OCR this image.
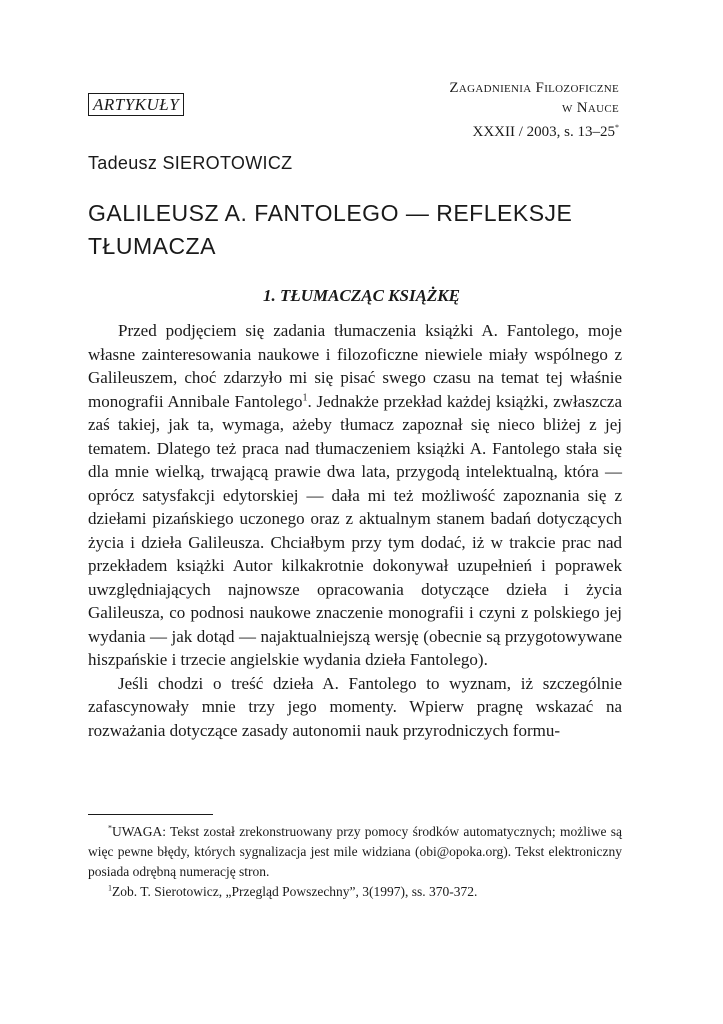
ARTYKUŁY
Zagadnienia Filozoficzne
w Nauce
XXXII / 2003, s. 13–25*
Tadeusz SIEROTOWICZ
GALILEUSZ A. FANTOLEGO — REFLEKSJE TŁUMACZA
1. TŁUMACZĄC KSIĄŻKĘ

Przed podjęciem się zadania tłumaczenia książki A. Fantolego, moje własne zainteresowania naukowe i filozoficzne niewiele miały wspólnego z Galileuszem, choć zdarzyło mi się pisać swego czasu na temat tej właśnie monografii Annibale Fantolego$^1$. Jednakże przekład każdej książki, zwłaszcza zaś takiej, jak ta, wymaga, ażeby tłumacz zapoznał się nieco bliżej z jej tematem. Dlatego też praca nad tłumaczeniem książki A. Fantolego stała się dla mnie wielką, trwającą prawie dwa lata, przygodą intelektualną, która — oprócz satysfakcji edytorskiej — dała mi też możliwość zapoznania się z dziełami pizańskiego uczonego oraz z aktualnym stanem badań dotyczących życia i dzieła Galileusza. Chciałbym przy tym dodać, iż w trakcie prac nad przekładem książki Autor kilkakrotnie dokonywał uzupełnień i poprawek uwzględniających najnowsze opracowania dotyczące dzieła i życia Galileusza, co podnosi naukowe znaczenie monografii i czyni z polskiego jej wydania — jak dotąd — najaktualniejszą wersję (obecnie są przygotowywane hiszpańskie i trzecie angielskie wydania dzieła Fantolego).

Jeśli chodzi o treść dzieła A. Fantolego to wyznam, iż szczególnie zafascynowały mnie trzy jego momenty. Wpierw pragnę wskazać na rozważania dotyczące zasady autonomii nauk przyrodniczych formu-

*UWAGA: Tekst został zrekonstruowany przy pomocy środków automatycznych; możliwe są więc pewne błędy, których sygnalizacja jest mile widziana (obi@opoka.org). Tekst elektroniczny posiada odrębną numerację stron.

$^1$Zob. T. Sierotowicz, „Przegląd Powszechny”, 3(1997), ss. 370-372.
